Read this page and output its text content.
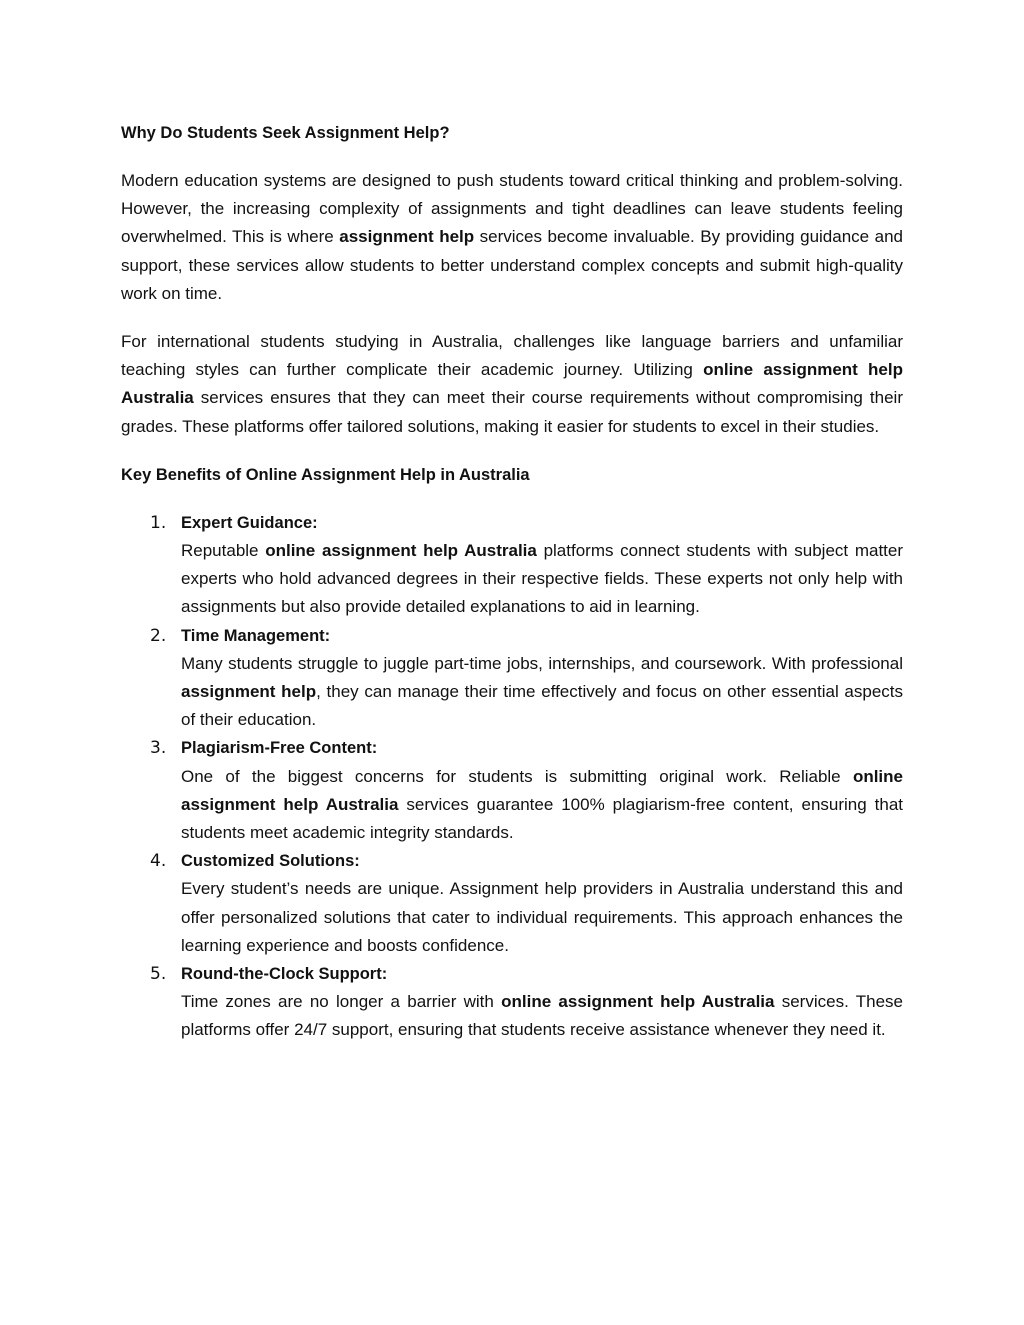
Why Do Students Seek Assignment Help?

Modern education systems are designed to push students toward critical thinking and problem-solving. However, the increasing complexity of assignments and tight deadlines can leave students feeling overwhelmed. This is where assignment help services become invaluable. By providing guidance and support, these services allow students to better understand complex concepts and submit high-quality work on time.

For international students studying in Australia, challenges like language barriers and unfamiliar teaching styles can further complicate their academic journey. Utilizing online assignment help Australia services ensures that they can meet their course requirements without compromising their grades. These platforms offer tailored solutions, making it easier for students to excel in their studies.

Key Benefits of Online Assignment Help in Australia
1. Expert Guidance:

Reputable online assignment help Australia platforms connect students with subject matter experts who hold advanced degrees in their respective fields. These experts not only help with assignments but also provide detailed explanations to aid in learning.

2. Time Management:

Many students struggle to juggle part-time jobs, internships, and coursework. With professional assignment help, they can manage their time effectively and focus on other essential aspects of their education.

3. Plagiarism-Free Content:

One of the biggest concerns for students is submitting original work. Reliable online assignment help Australia services guarantee 100% plagiarism-free content, ensuring that students meet academic integrity standards.

4. Customized Solutions:

Every student’s needs are unique. Assignment help providers in Australia understand this and offer personalized solutions that cater to individual requirements. This approach enhances the learning experience and boosts confidence.

5. Round-the-Clock Support:

Time zones are no longer a barrier with online assignment help Australia services. These platforms offer 24/7 support, ensuring that students receive assistance whenever they need it.
